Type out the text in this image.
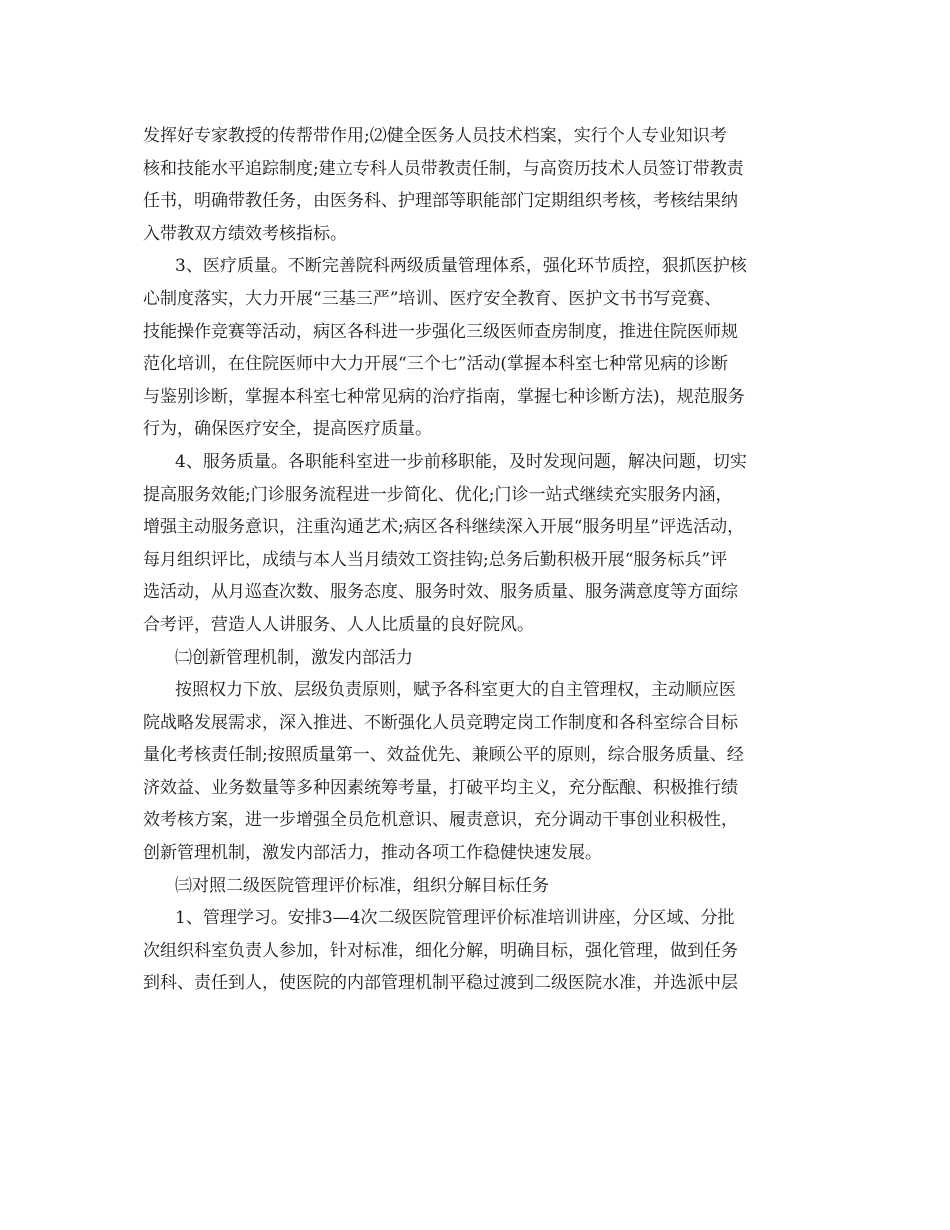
发挥好专家教授的传帮带作用;⑵健全医务人员技术档案，实行个人专业知识考
核和技能水平追踪制度;建立专科人员带教责任制，与高资历技术人员签订带教责
任书，明确带教任务，由医务科、护理部等职能部门定期组织考核，考核结果纳
入带教双方绩效考核指标。
3、医疗质量。不断完善院科两级质量管理体系，强化环节质控，狠抓医护核
心制度落实，大力开展“三基三严”培训、医疗安全教育、医护文书书写竞赛、
技能操作竞赛等活动，病区各科进一步强化三级医师查房制度，推进住院医师规
范化培训，在住院医师中大力开展“三个七”活动(掌握本科室七种常见病的诊断
与鉴别诊断，掌握本科室七种常见病的治疗指南，掌握七种诊断方法)，规范服务
行为，确保医疗安全，提高医疗质量。
4、服务质量。各职能科室进一步前移职能，及时发现问题，解决问题，切实
提高服务效能;门诊服务流程进一步简化、优化;门诊一站式继续充实服务内涵，
增强主动服务意识，注重沟通艺术;病区各科继续深入开展“服务明星”评选活动，
每月组织评比，成绩与本人当月绩效工资挂钩;总务后勤积极开展“服务标兵”评
选活动，从月巡查次数、服务态度、服务时效、服务质量、服务满意度等方面综
合考评，营造人人讲服务、人人比质量的良好院风。
㈡创新管理机制，激发内部活力
按照权力下放、层级负责原则，赋予各科室更大的自主管理权，主动顺应医
院战略发展需求，深入推进、不断强化人员竞聘定岗工作制度和各科室综合目标
量化考核责任制;按照质量第一、效益优先、兼顾公平的原则，综合服务质量、经
济效益、业务数量等多种因素统筹考量，打破平均主义，充分酝酿、积极推行绩
效考核方案，进一步增强全员危机意识、履责意识，充分调动干事创业积极性，
创新管理机制，激发内部活力，推动各项工作稳健快速发展。
㈢对照二级医院管理评价标准，组织分解目标任务
1、管理学习。安排3—4次二级医院管理评价标准培训讲座，分区域、分批
次组织科室负责人参加，针对标准，细化分解，明确目标，强化管理，做到任务
到科、责任到人，使医院的内部管理机制平稳过渡到二级医院水准，并选派中层
